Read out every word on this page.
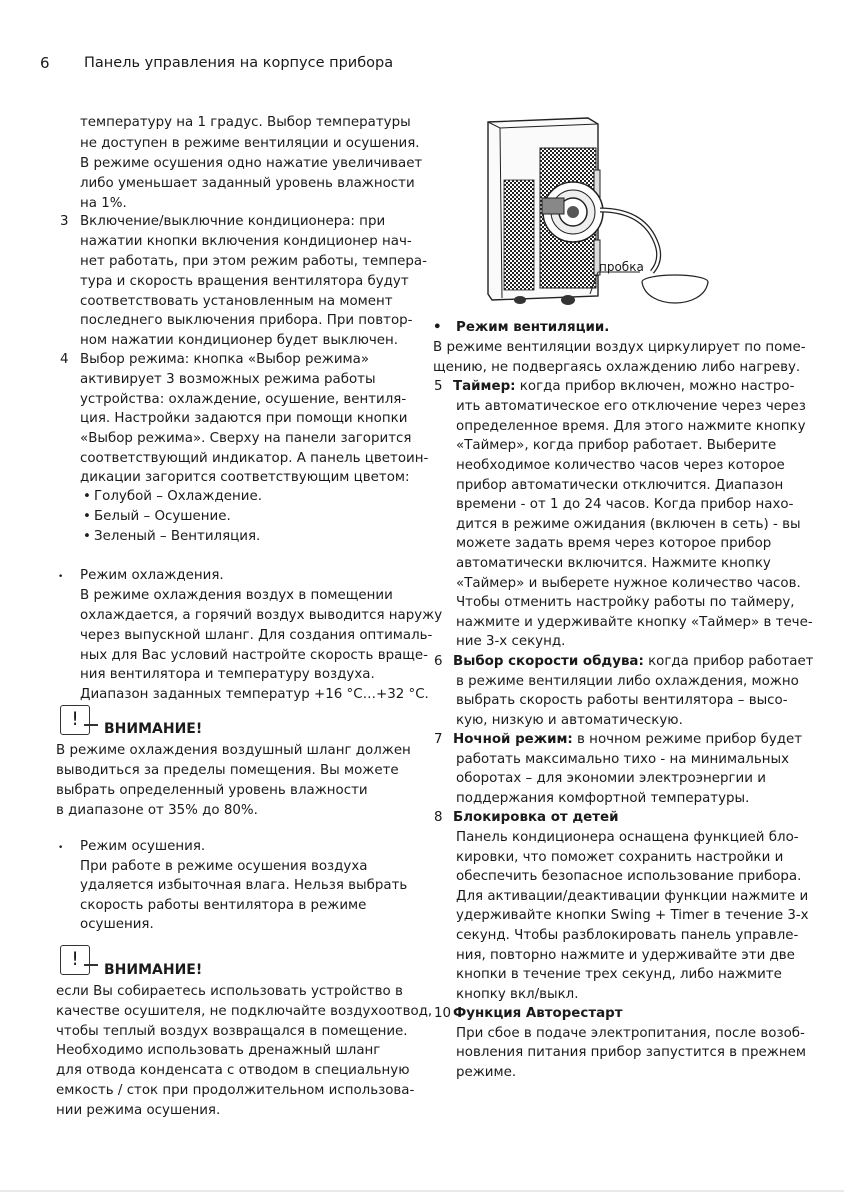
6 Панель управления на корпусе прибора
температуру на 1 градус. Выбор температуры
не доступен в режиме вентиляции и осушения.
В режиме осушения одно нажатие увеличивает
либо уменьшает заданный уровень влажности
на 1%.
3 Включение/выключние кондиционера: при
нажатии кнопки включения кондиционер нач-
нет работать, при этом режим работы, темпера-
тура и скорость вращения вентилятора будут
соответствовать установленным на момент
последнего выключения прибора. При повтор-
ном нажатии кондиционер будет выключен.
4 Выбор режима: кнопка «Выбор режима»
активирует 3 возможных режима работы
устройства: охлаждение, осушение, вентиля-
ция. Настройки задаются при помощи кнопки
«Выбор режима». Сверху на панели загорится
соответствующий индикатор. А панель цветоин-
дикации загорится соответствующим цветом:
• Голубой – Охлаждение.
• Белый – Осушение.
• Зеленый – Вентиляция.
• Режим охлаждения.
В режиме охлаждения воздух в помещении
охлаждается, а горячий воздух выводится наружу
через выпускной шланг. Для создания оптималь-
ных для Вас условий настройте скорость враще-
ния вентилятора и температуру воздуха.
Диапазон заданных температур +16 °C…+32 °C.
!	ВНИМАНИЕ!
В режиме охлаждения воздушный шланг должен
выводиться за пределы помещения. Вы можете
выбрать определенный уровень влажности
в диапазоне от 35% до 80%.
• Режим осушения.
При работе в режиме осушения воздуха
удаляется избыточная влага. Нельзя выбрать
скорость работы вентилятора в режиме
осушения.
!	ВНИМАНИЕ!
если Вы собираетесь использовать устройство в
качестве осушителя, не подключайте воздухоотвод,
чтобы теплый воздух возвращался в помещение.
Необходимо использовать дренажный шланг
для отвода конденсата с отводом в специальную
емкость / сток при продолжительном использова-
нии режима осушения.
пробка
• Режим вентиляции.
В режиме вентиляции воздух циркулирует по поме-
щению, не подвергаясь охлаждению либо нагреву.
5 Таймер: когда прибор включен, можно настро-
ить автоматическое его отключение через через
определенное время. Для этого нажмите кнопку
«Таймер», когда прибор работает. Выберите
необходимое количество часов через которое
прибор автоматически отключится. Диапазон
времени - от 1 до 24 часов. Когда прибор нахо-
дится в режиме ожидания (включен в сеть) - вы
можете задать время через которое прибор
автоматически включится. Нажмите кнопку
«Таймер» и выберете нужное количество часов.
Чтобы отменить настройку работы по таймеру,
нажмите и удерживайте кнопку «Таймер» в тече-
ние 3-х секунд.
6 Выбор скорости обдува: когда прибор работает
в режиме вентиляции либо охлаждения, можно
выбрать скорость работы вентилятора – высо-
кую, низкую и автоматическую.
7 Ночной режим: в ночном режиме прибор будет
работать максимально тихо - на минимальных
оборотах – для экономии электроэнергии и
поддержания комфортной температуры.
8 Блокировка от детей
Панель кондиционера оснащена функцией бло-
кировки, что поможет сохранить настройки и
обеспечить безопасное использование прибора.
Для активации/деактивации функции нажмите и
удерживайте кнопки Swing + Timer в течение 3-х
секунд. Чтобы разблокировать панель управле-
ния, повторно нажмите и удерживайте эти две
кнопки в течение трех секунд, либо нажмите
кнопку вкл/выкл.
10 Функция Авторестарт
При сбое в подаче электропитания, после возоб-
новления питания прибор запустится в прежнем
режиме.
